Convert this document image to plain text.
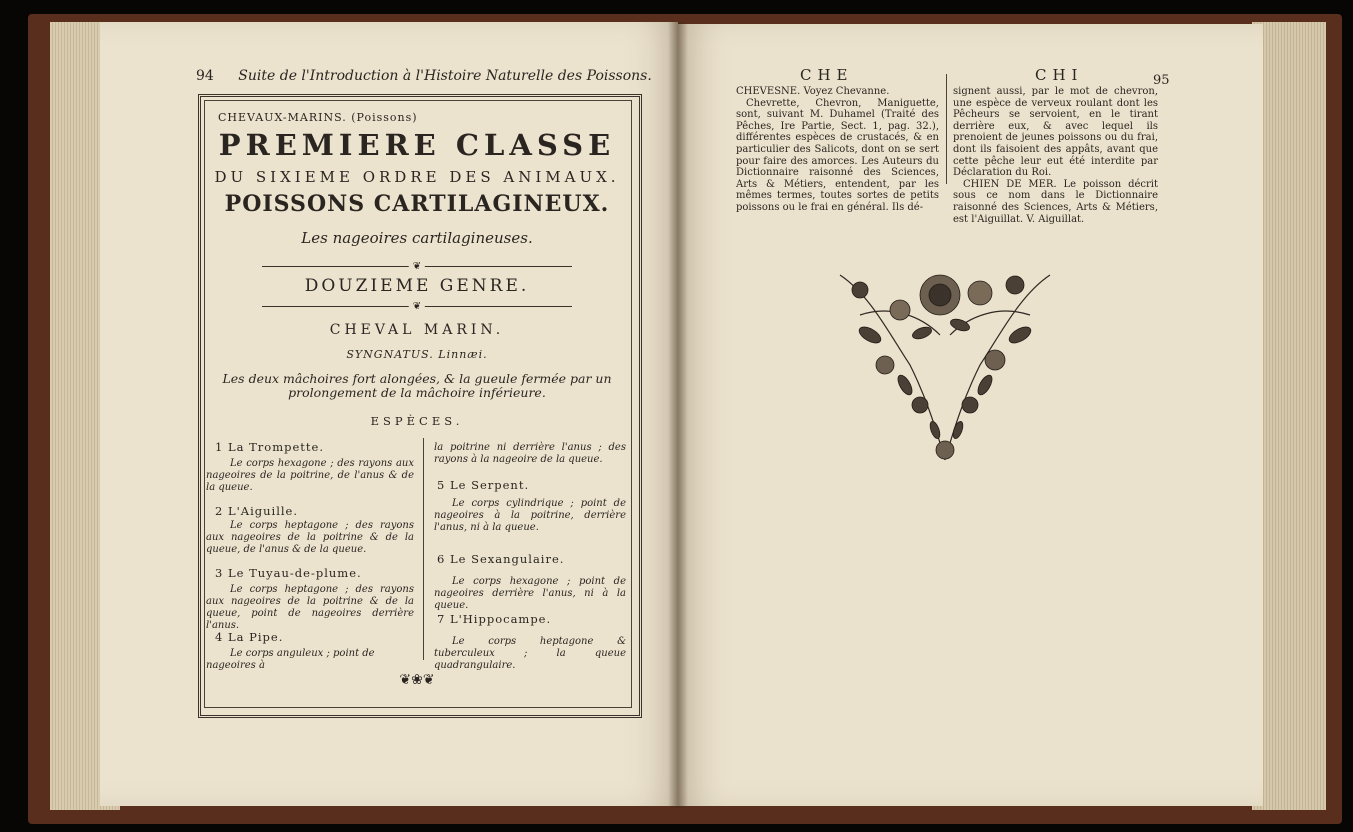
94 Suite de l'Introduction à l'Histoire Naturelle des Poissons.
CHEVAUX-MARINS. (Poissons)
PREMIERE CLASSE
DU SIXIEME ORDRE DES ANIMAUX.
POISSONS CARTILAGINEUX.
Les nageoires cartilagineuses.
❦
DOUZIEME GENRE.
❦
CHEVAL MARIN.
SYNGNATUS. Linnæi.
Les deux mâchoires fort alongées, & la gueule fermée par un prolongement de la mâchoire inférieure.
ESPÈCES.
1 La Trompette.
Le corps hexagone ; des rayons aux nageoires de la poitrine, de l'anus & de la queue.
2 L'Aiguille.
Le corps heptagone ; des rayons aux nageoires de la poitrine & de la queue, de l'anus & de la queue.
3 Le Tuyau-de-plume.
Le corps heptagone ; des rayons aux nageoires de la poitrine & de la queue, point de nageoires derrière l'anus.
4 La Pipe.
Le corps anguleux ; point de nageoires à
la poitrine ni derrière l'anus ; des rayons à la nageoire de la queue.
5 Le Serpent.
Le corps cylindrique ; point de nageoires à la poitrine, derrière l'anus, ni à la queue.
6 Le Sexangulaire.
Le corps hexagone ; point de nageoires derrière l'anus, ni à la queue.
7 L'Hippocampe.
Le corps heptagone & tuberculeux ; la queue quadrangulaire.
❦❀❦
CHE	CHI	95
CHEVESNE. Voyez Chevanne.
Chevrette, Chevron, Maniguette, sont, suivant M. Duhamel (Traité des Pêches, Ire Partie, Sect. 1, pag. 32.), différentes espèces de crustacés, & en particulier des Salicots, dont on se sert pour faire des amorces. Les Auteurs du Dictionnaire raisonné des Sciences, Arts & Métiers, entendent, par les mêmes termes, toutes sortes de petits poissons ou le frai en général. Ils dé-
signent aussi, par le mot de chevron, une espèce de verveux roulant dont les Pêcheurs se servoient, en le tirant derrière eux, & avec lequel ils prenoient de jeunes poissons ou du frai, dont ils faisoient des appâts, avant que cette pêche leur eut été interdite par Déclaration du Roi.
CHIEN DE MER. Le poisson décrit sous ce nom dans le Dictionnaire raisonné des Sciences, Arts & Métiers, est l'Aiguillat. V. Aiguillat.
